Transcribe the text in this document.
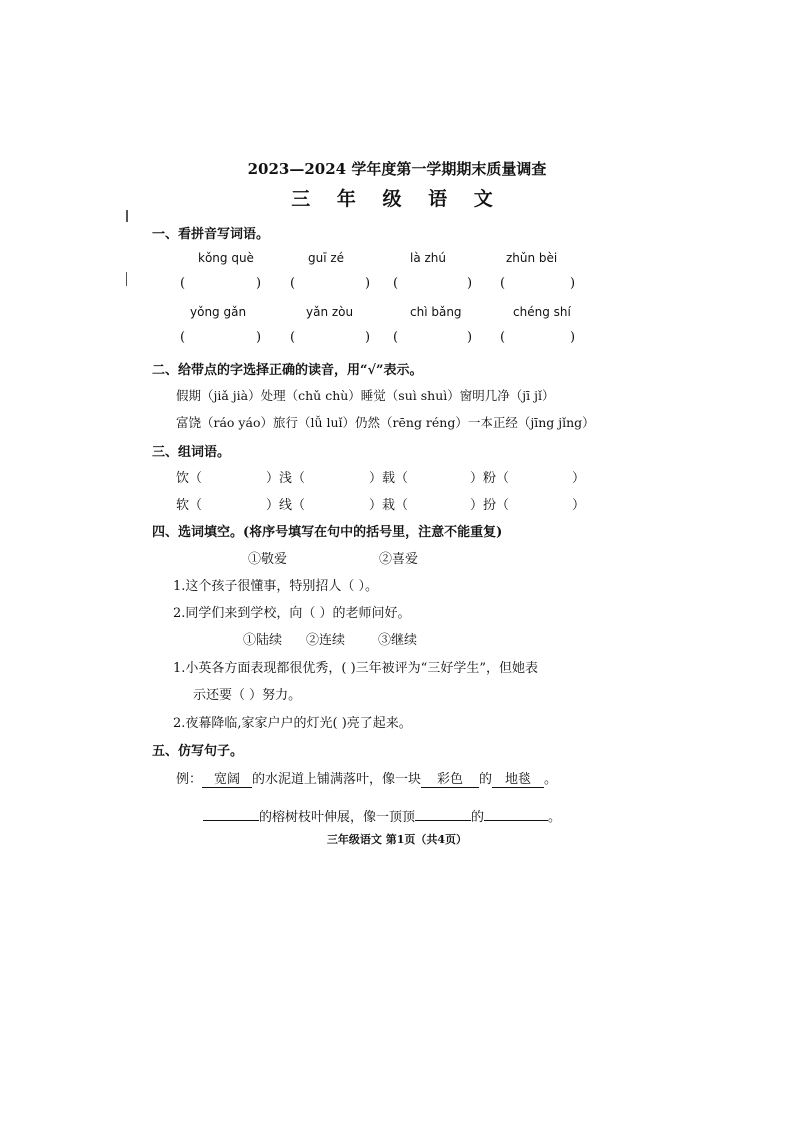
2023—2024 学年度第一学期期末质量调查
三 年 级 语 文
一、看拼音写词语。
kǒng què	guī zé	là zhú	zhǔn bèi
(	) (	) (	) (	)
yǒng gǎn	yǎn zòu	chì bǎng	chéng shí
(	) (	) (	) (	)
二、给带点的字选择正确的读音，用“√”表示。
假期（jiǎ jià）处理（chǔ chù）睡觉（suì shuì）窗明几净（jī jǐ）
富饶（ráo yáo）旅行（lǚ luǐ）仍然（rēng réng）一本正经（jīng jǐng）
三、组词语。
饮（	）浅（	）载（	）粉（	）
软（	）线（	）栽（	）扮（	）
四、选词填空。(将序号填写在句中的括号里，注意不能重复)
①敬爱	②喜爱
1.这个孩子很懂事，特别招人（ ）。
2.同学们来到学校，向（ ）的老师问好。
①陆续 ②连续	③继续
1.小英各方面表现都很优秀，( )三年被评为“三好学生”，但她表
示还要（ ）努力。
2.夜幕降临,家家户户的灯光( )亮了起来。
五、仿写句子。
例： 宽阔 的水泥道上铺满落叶，像一块 彩色 的 地毯 。
的榕树枝叶伸展，像一顶顶	的	。
三年级语文 第1页（共4页）
